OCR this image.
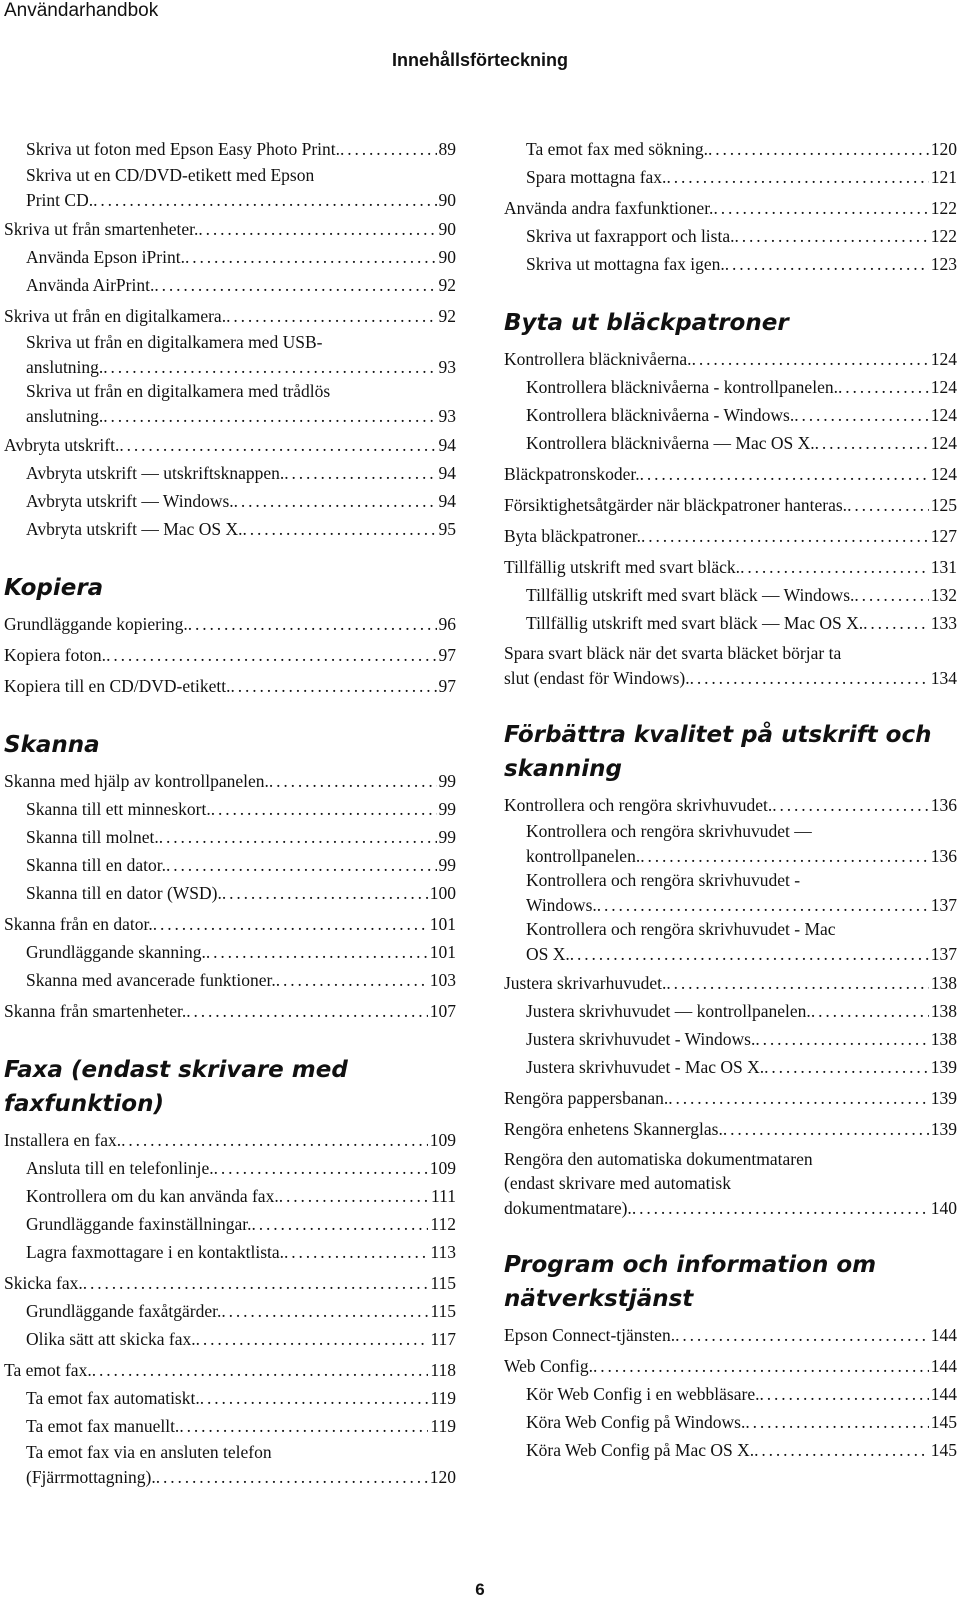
Användarhandbok
Innehållsförteckning
Skriva ut foton med Epson Easy Photo Print. . . .	89
Skriva ut en CD/DVD-etikett med Epson
Print CD. . . .	90
Skriva ut från smartenheter. . . .	90
Använda Epson iPrint. . . .	90
Använda AirPrint. . . .	92
Skriva ut från en digitalkamera. . . .	92
Skriva ut från en digitalkamera med USB-
anslutning. . . .	93
Skriva ut från en digitalkamera med trådlös
anslutning. . . .	93
Avbryta utskrift. . . .	94
Avbryta utskrift — utskriftsknappen. . . .	94
Avbryta utskrift — Windows. . . .	94
Avbryta utskrift — Mac OS X. . . .	95
Kopiera
Grundläggande kopiering. . . .	96
Kopiera foton. . . .	97
Kopiera till en CD/DVD-etikett. . . .	97
Skanna
Skanna med hjälp av kontrollpanelen. . . .	99
Skanna till ett minneskort. . . .	99
Skanna till molnet. . . .	99
Skanna till en dator. . . .	99
Skanna till en dator (WSD). . . .	100
Skanna från en dator. . . .	101
Grundläggande skanning. . . .	101
Skanna med avancerade funktioner. . . .	103
Skanna från smartenheter. . . .	107
Faxa (endast skrivare med faxfunktion)
Installera en fax. . . .	109
Ansluta till en telefonlinje. . . .	109
Kontrollera om du kan använda fax. . . .	111
Grundläggande faxinställningar. . . .	112
Lagra faxmottagare i en kontaktlista. . . .	113
Skicka fax. . . .	115
Grundläggande faxåtgärder. . . .	115
Olika sätt att skicka fax. . . .	117
Ta emot fax. . . .	118
Ta emot fax automatiskt. . . .	119
Ta emot fax manuellt. . . .	119
Ta emot fax via en ansluten telefon
(Fjärrmottagning). . . .	120
Ta emot fax med sökning. . . .	120
Spara mottagna fax. . . .	121
Använda andra faxfunktioner. . . .	122
Skriva ut faxrapport och lista. . . .	122
Skriva ut mottagna fax igen. . . .	123
Byta ut bläckpatroner
Kontrollera bläcknivåerna. . . .	124
Kontrollera bläcknivåerna - kontrollpanelen. . . .	124
Kontrollera bläcknivåerna - Windows. . . .	124
Kontrollera bläcknivåerna — Mac OS X. . . .	124
Bläckpatronskoder. . . .	124
Försiktighetsåtgärder när bläckpatroner hanteras. . . .	125
Byta bläckpatroner. . . .	127
Tillfällig utskrift med svart bläck. . . .	131
Tillfällig utskrift med svart bläck — Windows. . . .	132
Tillfällig utskrift med svart bläck — Mac OS X. . . .	133
Spara svart bläck när det svarta bläcket börjar ta
slut (endast för Windows). . . .	134
Förbättra kvalitet på utskrift och skanning
Kontrollera och rengöra skrivhuvudet. . . .	136
Kontrollera och rengöra skrivhuvudet —
kontrollpanelen. . . .	136
Kontrollera och rengöra skrivhuvudet -
Windows. . . .	137
Kontrollera och rengöra skrivhuvudet - Mac
OS X. . . .	137
Justera skrivarhuvudet. . . .	138
Justera skrivhuvudet — kontrollpanelen. . . .	138
Justera skrivhuvudet - Windows. . . .	138
Justera skrivhuvudet - Mac OS X. . . .	139
Rengöra pappersbanan. . . .	139
Rengöra enhetens Skannerglas. . . .	139
Rengöra den automatiska dokumentmataren
(endast skrivare med automatisk
dokumentmatare). . . .	140
Program och information om nätverkstjänst
Epson Connect-tjänsten. . . .	144
Web Config. . . .	144
Kör Web Config i en webbläsare. . . .	144
Köra Web Config på Windows. . . .	145
Köra Web Config på Mac OS X. . . .	145
6
